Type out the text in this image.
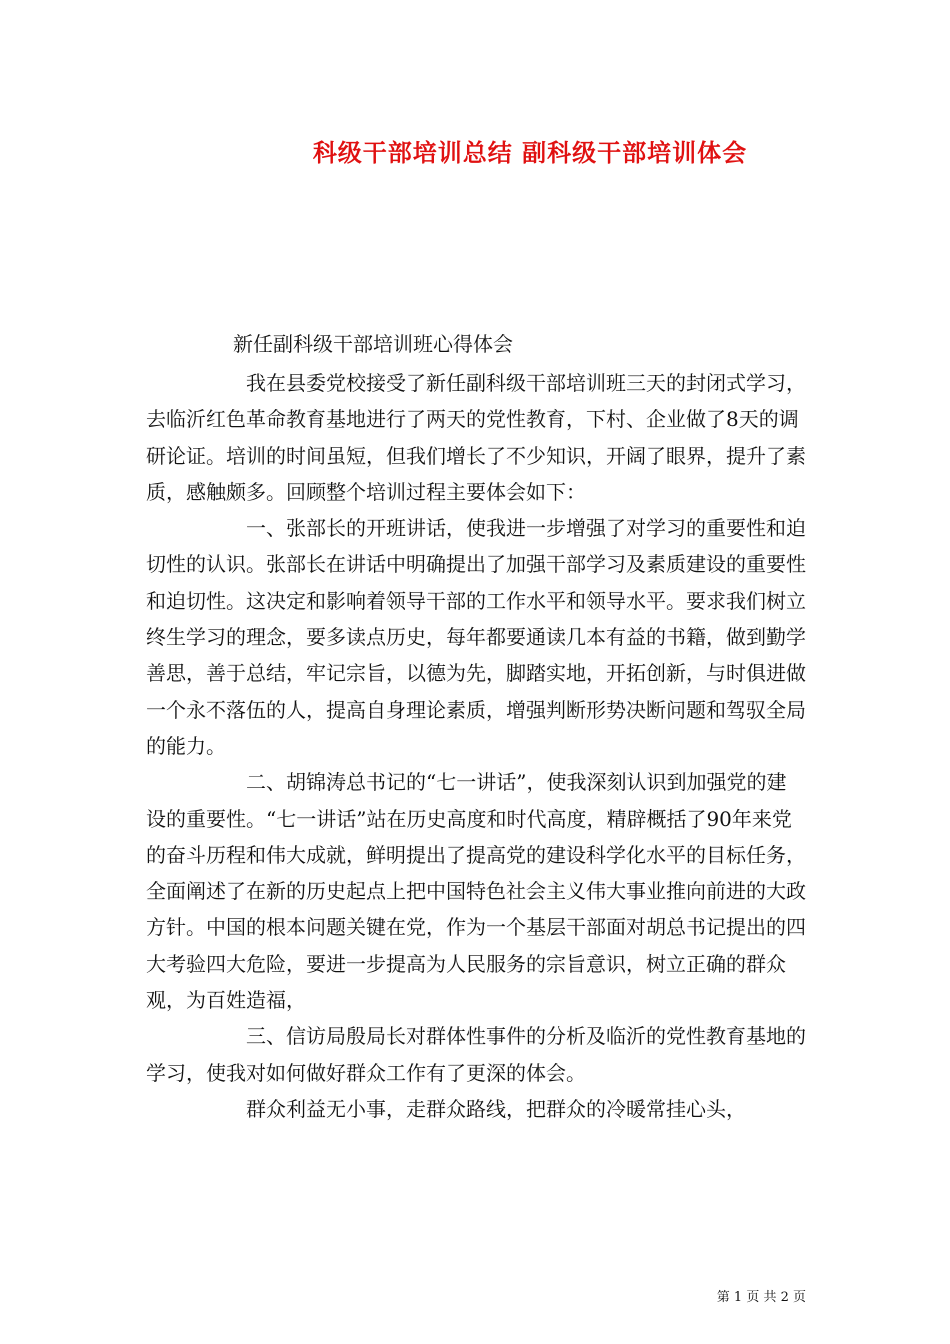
科级干部培训总结 副科级干部培训体会
新任副科级干部培训班心得体会

我在县委党校接受了新任副科级干部培训班三天的封闭式学习，去临沂红色革命教育基地进行了两天的党性教育，下村、企业做了8天的调研论证。培训的时间虽短，但我们增长了不少知识，开阔了眼界，提升了素质，感触颇多。回顾整个培训过程主要体会如下：

一、张部长的开班讲话，使我进一步增强了对学习的重要性和迫切性的认识。张部长在讲话中明确提出了加强干部学习及素质建设的重要性和迫切性。这决定和影响着领导干部的工作水平和领导水平。要求我们树立终生学习的理念，要多读点历史，每年都要通读几本有益的书籍，做到勤学善思，善于总结，牢记宗旨，以德为先，脚踏实地，开拓创新，与时俱进做一个永不落伍的人，提高自身理论素质，增强判断形势决断问题和驾驭全局的能力。

二、胡锦涛总书记的“七一讲话”，使我深刻认识到加强党的建设的重要性。“七一讲话”站在历史高度和时代高度，精辟概括了90年来党的奋斗历程和伟大成就，鲜明提出了提高党的建设科学化水平的目标任务，全面阐述了在新的历史起点上把中国特色社会主义伟大事业推向前进的大政方针。中国的根本问题关键在党，作为一个基层干部面对胡总书记提出的四大考验四大危险，要进一步提高为人民服务的宗旨意识，树立正确的群众观，为百姓造福，

三、信访局殷局长对群体性事件的分析及临沂的党性教育基地的学习，使我对如何做好群众工作有了更深的体会。

群众利益无小事，走群众路线，把群众的冷暖常挂心头，

第 1 页 共 2 页
